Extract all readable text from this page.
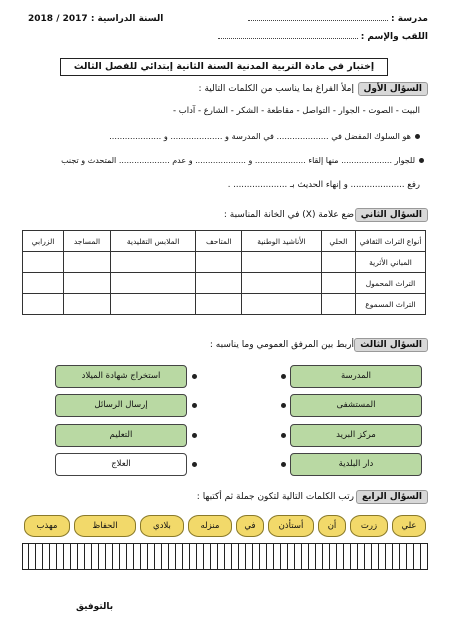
مدرسة :
اللقب والإسم :
السنة الدراسية : 2017 / 2018
إختبار في مادة التربية المدنية السنة الثانية إبتدائي للفصل الثالث
السؤال الأول
إملأ الفراغ بما يناسب من الكلمات التالية :
البيت - الصوت - الجوار - التواصل - مقاطعة - الشكر - الشارع - آداب -
هو السلوك المفضل في .................... في المدرسة و .................... و ....................
للجوار .................... منها إلقاء .................... و .................... و عدم .................... المتحدث و تجنب
رفع .................... و إنهاء الحديث بـ .................... .
السؤال الثاني
ضع علامة (X) في الخانة المناسبة :
أنواع التراث الثقافي	الحلي	الأناشيد الوطنية	المتاحف	الملابس التقليدية	المساجد	الزرابي
المباني الأثرية						
التراث المحمول						
التراث المسموع						
السؤال الثالث
أربط بين المرفق العمومي وما يناسبه :
المدرسة
المستشفى
مركز البريد
دار البلدية
استخراج شهادة الميلاد
إرسال الرسائل
التعليم
العلاج
السؤال الرابع
رتب الكلمات التالية لتكون جملة ثم أكتبها :
علي
زرت
أن
أستأذن
في
منزله
بلادي
الحفاظ
مهذب
بالتوفيق
